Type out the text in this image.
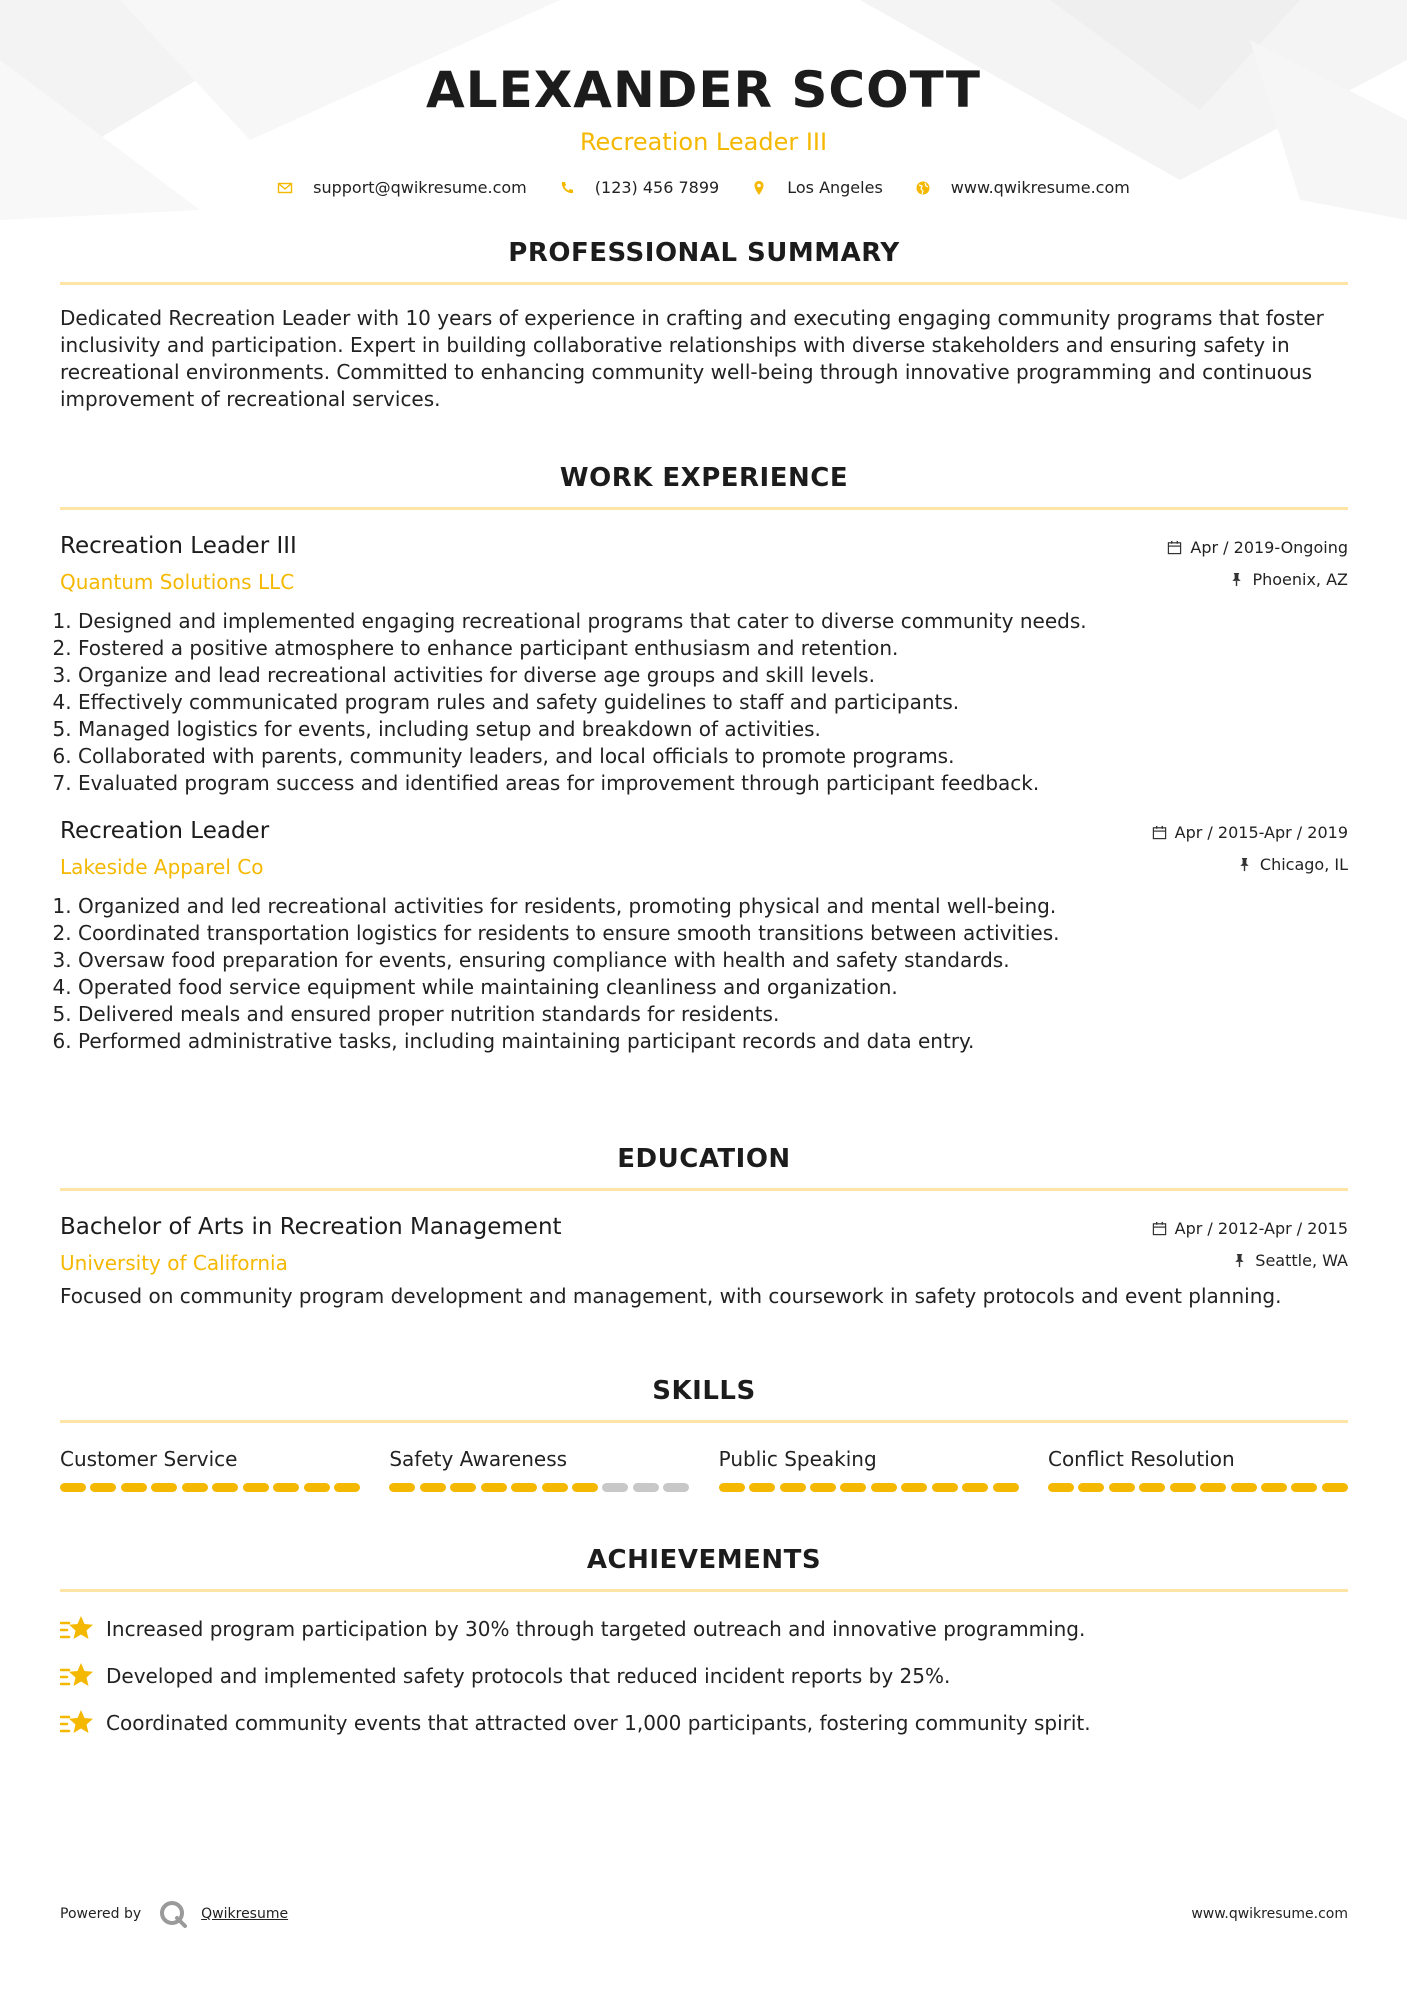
ALEXANDER SCOTT
Recreation Leader III
support@qwikresume.com	(123) 456 7899	Los Angeles	www.qwikresume.com
PROFESSIONAL SUMMARY
Dedicated Recreation Leader with 10 years of experience in crafting and executing engaging community programs that foster inclusivity and participation. Expert in building collaborative relationships with diverse stakeholders and ensuring safety in recreational environments. Committed to enhancing community well-being through innovative programming and continuous improvement of recreational services.
WORK EXPERIENCE
Recreation Leader III
Quantum Solutions LLC
Apr / 2019-Ongoing
Phoenix, AZ
1. Designed and implemented engaging recreational programs that cater to diverse community needs.
2. Fostered a positive atmosphere to enhance participant enthusiasm and retention.
3. Organize and lead recreational activities for diverse age groups and skill levels.
4. Effectively communicated program rules and safety guidelines to staff and participants.
5. Managed logistics for events, including setup and breakdown of activities.
6. Collaborated with parents, community leaders, and local officials to promote programs.
7. Evaluated program success and identified areas for improvement through participant feedback.
Recreation Leader
Lakeside Apparel Co
Apr / 2015-Apr / 2019
Chicago, IL
1. Organized and led recreational activities for residents, promoting physical and mental well-being.
2. Coordinated transportation logistics for residents to ensure smooth transitions between activities.
3. Oversaw food preparation for events, ensuring compliance with health and safety standards.
4. Operated food service equipment while maintaining cleanliness and organization.
5. Delivered meals and ensured proper nutrition standards for residents.
6. Performed administrative tasks, including maintaining participant records and data entry.
EDUCATION
Bachelor of Arts in Recreation Management
University of California
Apr / 2012-Apr / 2015
Seattle, WA
Focused on community program development and management, with coursework in safety protocols and event planning.
SKILLS
Customer Service	Safety Awareness	Public Speaking	Conflict Resolution
ACHIEVEMENTS
Increased program participation by 30% through targeted outreach and innovative programming.
Developed and implemented safety protocols that reduced incident reports by 25%.
Coordinated community events that attracted over 1,000 participants, fostering community spirit.
Powered by	Qwikresume	www.qwikresume.com
